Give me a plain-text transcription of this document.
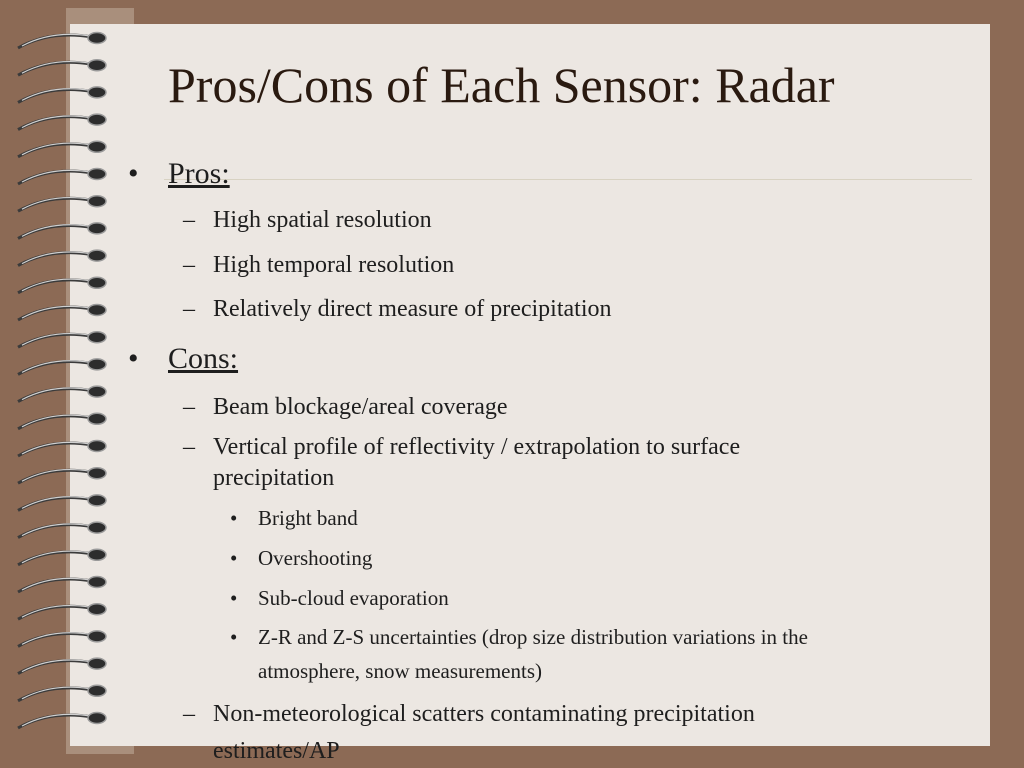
Pros/Cons of Each Sensor: Radar
• Pros:
– High spatial resolution
– High temporal resolution
– Relatively direct measure of precipitation
• Cons:
– Beam blockage/areal coverage
– Vertical profile of reflectivity / extrapolation to surface
precipitation
• Bright band
• Overshooting
• Sub-cloud evaporation
• Z-R and Z-S uncertainties (drop size distribution variations in the
atmosphere, snow measurements)
– Non-meteorological scatters contaminating precipitation
estimates/AP
